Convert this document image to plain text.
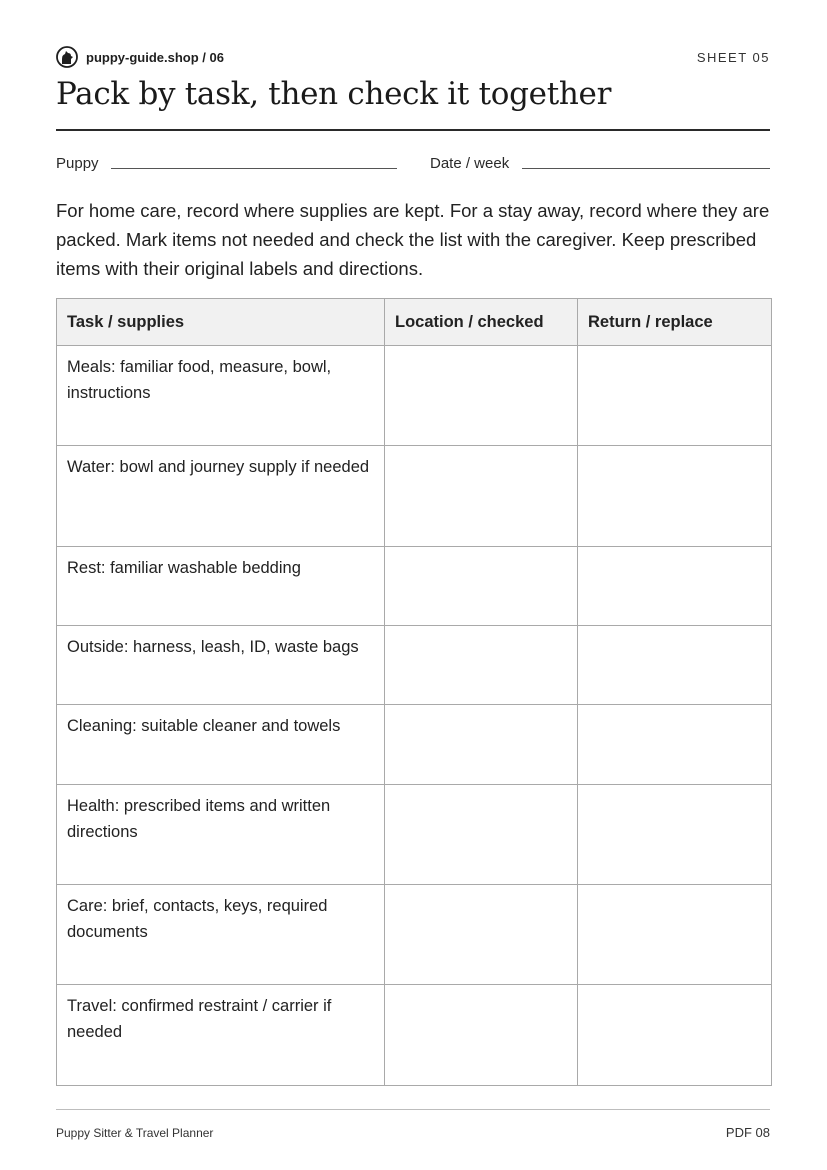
puppy-guide.shop / 06	SHEET 05
Pack by task, then check it together
Puppy	Date / week

For home care, record where supplies are kept. For a stay away, record where they are packed. Mark items not needed and check the list with the caregiver. Keep prescribed items with their original labels and directions.

Task / supplies	Location / checked	Return / replace
Meals: familiar food, measure, bowl, instructions		
Water: bowl and journey supply if needed		
Rest: familiar washable bedding		
Outside: harness, leash, ID, waste bags		
Cleaning: suitable cleaner and towels		
Health: prescribed items and written directions		
Care: brief, contacts, keys, required documents		
Travel: confirmed restraint / carrier if needed		
Puppy Sitter & Travel Planner	PDF 08
